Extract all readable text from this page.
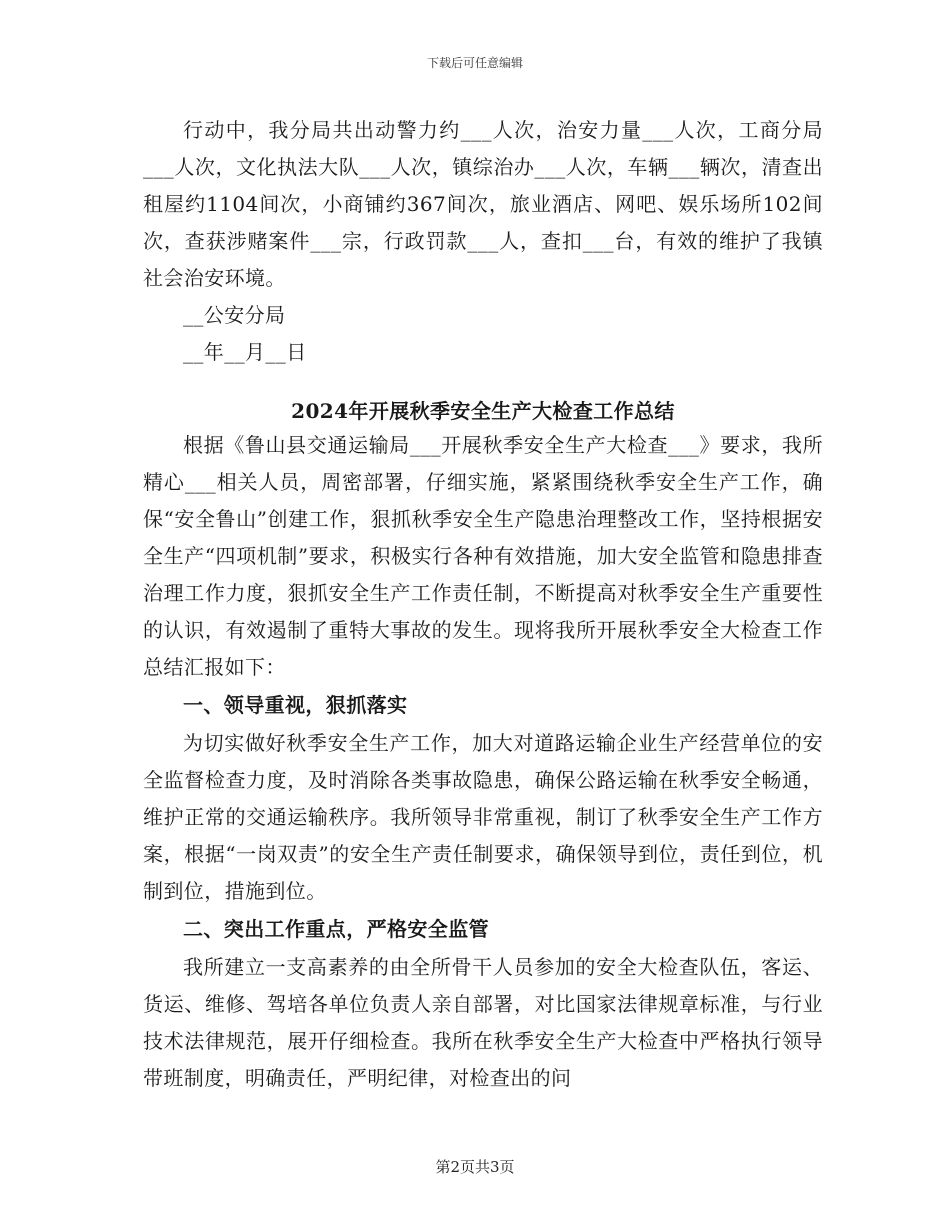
下载后可任意编辑

行动中，我分局共出动警力约___人次，治安力量___人次，工商分局___人次，文化执法大队___人次，镇综治办___人次，车辆___辆次，清查出租屋约1104间次，小商铺约367间次，旅业酒店、网吧、娱乐场所102间次，查获涉赌案件___宗，行政罚款___人，查扣___台，有效的维护了我镇社会治安环境。

__公安分局

__年__月__日

2024年开展秋季安全生产大检查工作总结

根据《鲁山县交通运输局___开展秋季安全生产大检查___》要求，我所精心___相关人员，周密部署，仔细实施，紧紧围绕秋季安全生产工作，确保“安全鲁山”创建工作，狠抓秋季安全生产隐患治理整改工作，坚持根据安全生产“四项机制”要求，积极实行各种有效措施，加大安全监管和隐患排查治理工作力度，狠抓安全生产工作责任制，不断提高对秋季安全生产重要性的认识，有效遏制了重特大事故的发生。现将我所开展秋季安全大检查工作总结汇报如下：

一、领导重视，狠抓落实

为切实做好秋季安全生产工作，加大对道路运输企业生产经营单位的安全监督检查力度，及时消除各类事故隐患，确保公路运输在秋季安全畅通，维护正常的交通运输秩序。我所领导非常重视，制订了秋季安全生产工作方案，根据“一岗双责”的安全生产责任制要求，确保领导到位，责任到位，机制到位，措施到位。

二、突出工作重点，严格安全监管

我所建立一支高素养的由全所骨干人员参加的安全大检查队伍，客运、货运、维修、驾培各单位负责人亲自部署，对比国家法律规章标准，与行业技术法律规范，展开仔细检查。我所在秋季安全生产大检查中严格执行领导带班制度，明确责任，严明纪律，对检查出的问

第2页共3页
